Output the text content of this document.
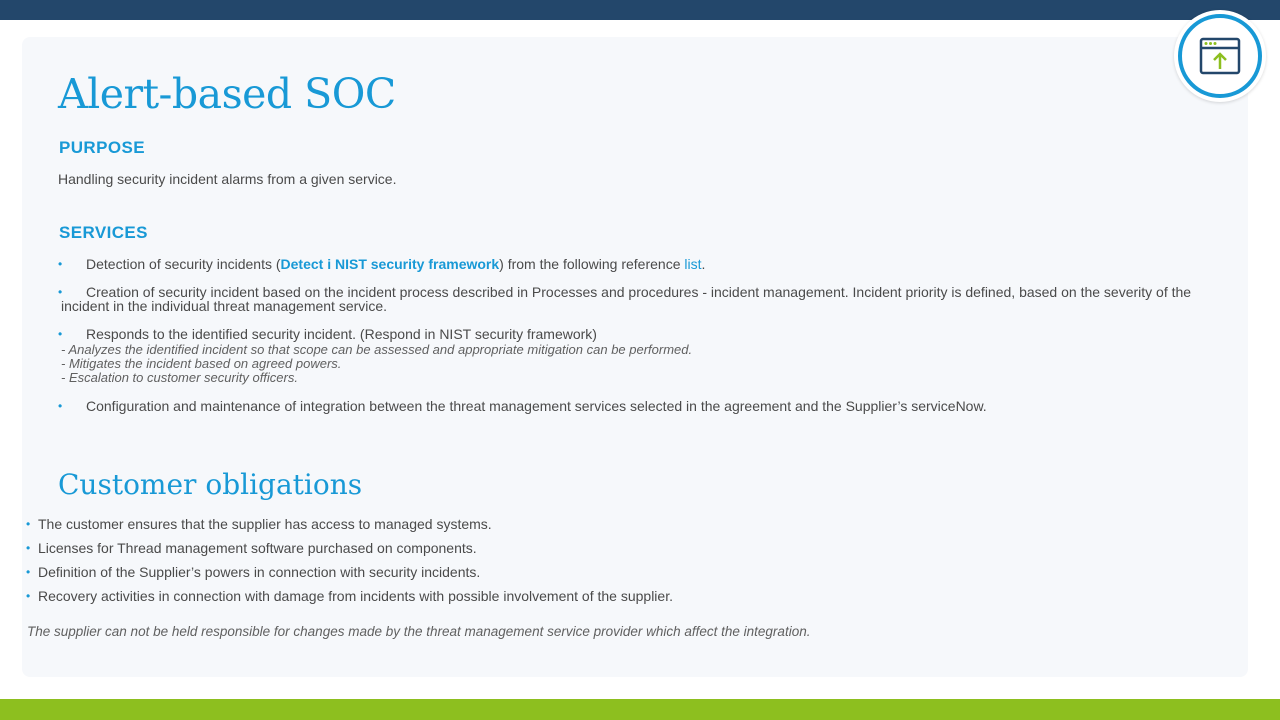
Alert-based SOC
PURPOSE
Handling security incident alarms from a given service.
SERVICES
• Detection of security incidents (Detect i NIST security framework) from the following reference list.
• Creation of security incident based on the incident process described in Processes and procedures - incident management. Incident priority is defined, based on the severity of the
incident in the individual threat management service.
• Responds to the identified security incident. (Respond in NIST security framework)
- Analyzes the identified incident so that scope can be assessed and appropriate mitigation can be performed.
- Mitigates the incident based on agreed powers.
- Escalation to customer security officers.
• Configuration and maintenance of integration between the threat management services selected in the agreement and the Supplier’s serviceNow.
Customer obligations
• The customer ensures that the supplier has access to managed systems.
• Licenses for Thread management software purchased on components.
• Definition of the Supplier’s powers in connection with security incidents.
• Recovery activities in connection with damage from incidents with possible involvement of the supplier.
The supplier can not be held responsible for changes made by the threat management service provider which affect the integration.
